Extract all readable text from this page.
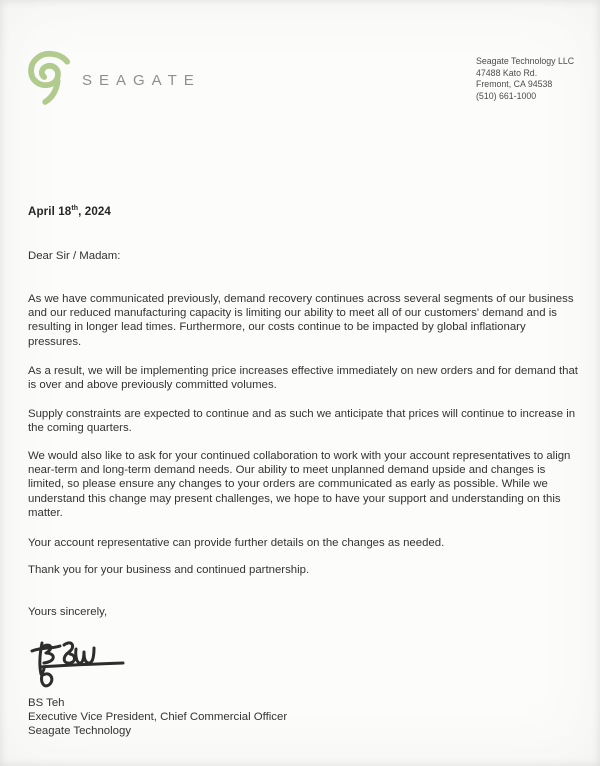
SEAGATE
Seagate Technology LLC
47488 Kato Rd.
Fremont, CA 94538
(510) 661-1000
April 18th, 2024
Dear Sir / Madam:

As we have communicated previously, demand recovery continues across several segments of our business and our reduced manufacturing capacity is limiting our ability to meet all of our customers' demand and is resulting in longer lead times. Furthermore, our costs continue to be impacted by global inflationary pressures.

As a result, we will be implementing price increases effective immediately on new orders and for demand that is over and above previously committed volumes.

Supply constraints are expected to continue and as such we anticipate that prices will continue to increase in the coming quarters.

We would also like to ask for your continued collaboration to work with your account representatives to align near-term and long-term demand needs. Our ability to meet unplanned demand upside and changes is limited, so please ensure any changes to your orders are communicated as early as possible. While we understand this change may present challenges, we hope to have your support and understanding on this matter.

Your account representative can provide further details on the changes as needed.

Thank you for your business and continued partnership.

Yours sincerely,
BS Teh
Executive Vice President, Chief Commercial Officer
Seagate Technology
